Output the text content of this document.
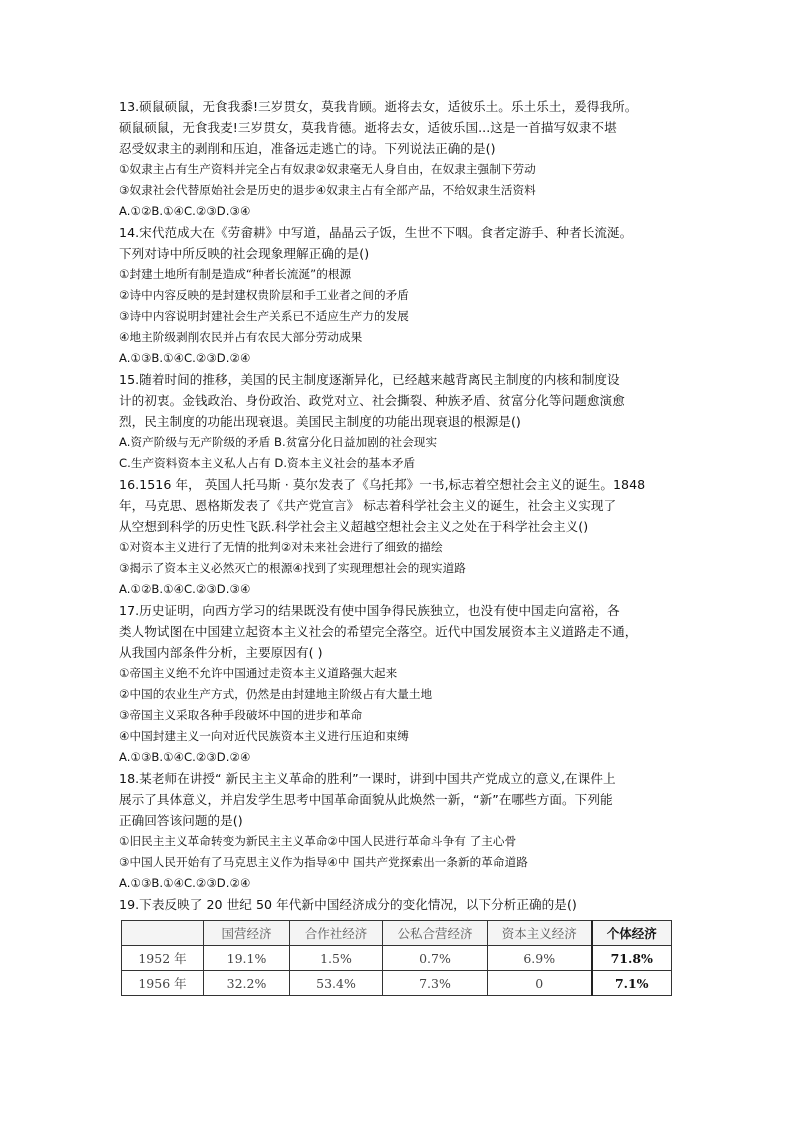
13.硕鼠硕鼠，无食我黍!三岁贯女，莫我肯顾。逝将去女，适彼乐土。乐土乐土，爰得我所。
硕鼠硕鼠，无食我麦!三岁贯女，莫我肯德。逝将去女，适彼乐国...这是一首描写奴隶不堪
忍受奴隶主的剥削和压迫，准备远走逃亡的诗。下列说法正确的是()
①奴隶主占有生产资料并完全占有奴隶②奴隶毫无人身自由，在奴隶主强制下劳动
③奴隶社会代替原始社会是历史的退步④奴隶主占有全部产品，不给奴隶生活资料
A.①②B.①④C.②③D.③④
14.宋代范成大在《劳畲耕》中写道，晶晶云子饭，生世不下咽。食者定游手、种者长流涎。
下列对诗中所反映的社会现象理解正确的是()
①封建土地所有制是造成“种者长流涎”的根源
②诗中内容反映的是封建权贵阶层和手工业者之间的矛盾
③诗中内容说明封建社会生产关系已不适应生产力的发展
④地主阶级剥削农民并占有农民大部分劳动成果
A.①③B.①④C.②③D.②④
15.随着时间的推移，美国的民主制度逐渐异化，已经越来越背离民主制度的内核和制度设
计的初衷。金钱政治、身份政治、政党对立、社会撕裂、种族矛盾、贫富分化等问题愈演愈
烈，民主制度的功能出现衰退。美国民主制度的功能出现衰退的根源是()
A.资产阶级与无产阶级的矛盾 B.贫富分化日益加剧的社会现实
C.生产资料资本主义私人占有 D.资本主义社会的基本矛盾
16.1516 年， 英国人托马斯 · 莫尔发表了《乌托邦》一书,标志着空想社会主义的诞生。1848
年，马克思、恩格斯发表了《共产党宣言》 标志着科学社会主义的诞生，社会主义实现了
从空想到科学的历史性飞跃.科学社会主义超越空想社会主义之处在于科学社会主义()
①对资本主义进行了无情的批判②对未来社会进行了细致的描绘
③揭示了资本主义必然灭亡的根源④找到了实现理想社会的现实道路
A.①②B.①④C.②③D.③④
17.历史证明，向西方学习的结果既没有使中国争得民族独立，也没有使中国走向富裕，各
类人物试图在中国建立起资本主义社会的希望完全落空。近代中国发展资本主义道路走不通，
从我国内部条件分析，主要原因有( )
①帝国主义绝不允许中国通过走资本主义道路强大起来
②中国的农业生产方式，仍然是由封建地主阶级占有大量土地
③帝国主义采取各种手段破坏中国的进步和革命
④中国封建主义一向对近代民族资本主义进行压迫和束缚
A.①③B.①④C.②③D.②④
18.某老师在讲授“ 新民主主义革命的胜利”一课时，讲到中国共产党成立的意义,在课件上
展示了具体意义，并启发学生思考中国革命面貌从此焕然一新，“新”在哪些方面。下列能
正确回答该问题的是()
①旧民主主义革命转变为新民主主义革命②中国人民进行革命斗争有 了主心骨
③中国人民开始有了马克思主义作为指导④中 国共产党探索出一条新的革命道路
A.①③B.①④C.②③D.②④
19.下表反映了 20 世纪 50 年代新中国经济成分的变化情况，以下分析正确的是()
	国营经济	合作社经济	公私合营经济	资本主义经济	个体经济
1952 年	19.1%	1.5%	0.7%	6.9%	71.8%
1956 年	32.2%	53.4%	7.3%	0	7.1%
